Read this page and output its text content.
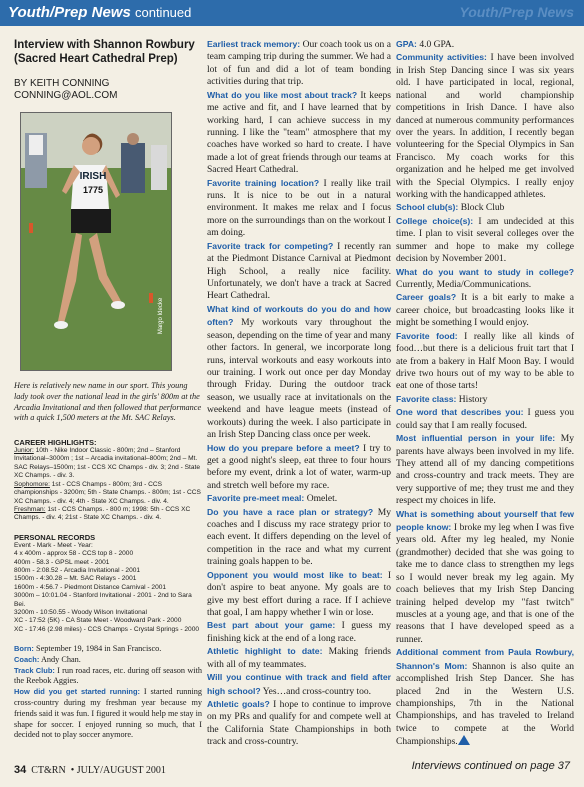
Youth/Prep News continued	Youth/Prep News
Interview with Shannon Rowbury (Sacred Heart Cathedral Prep)
BY KEITH CONNING
CONNING@AOL.COM
IRISH
1775
Margo Idecke
Here is relatively new name in our sport. This young lady took over the national lead in the girls' 800m at the Arcadia Invitational and then followed that performance with a quick 1,500 meters at the Mt. SAC Relays.
CAREER HIGHLIGHTS:

Junior: 10th - Nike Indoor Classic - 800m; 2nd – Stanford Invitational–3000m ; 1st – Arcadia invitational–800m; 2nd – Mt. SAC Relays–1500m; 1st - CCS XC Champs - div. 3; 2nd - State XC Champs. - div. 3.

Sophomore: 1st - CCS Champs - 800m; 3rd - CCS championships - 3200m; 5th - State Champs. - 800m; 1st - CCS XC Champs. - div. 4; 4th - State XC Champs. - div. 4.

Freshman: 1st - CCS Champs. - 800 m; 1998: 5th - CCS XC Champs. - div. 4; 21st - State XC Champs. - div. 4.

PERSONAL RECORDS

Event - Mark - Meet - Year:

4 x 400m - approx 58 - CCS top 8 - 2000

400m - 58.3 - GPSL meet - 2001

800m - 2:08.52 - Arcadia Invitational - 2001

1500m - 4:30.28 – Mt. SAC Relays - 2001

1600m - 4:56.7 - Piedmont Distance Carnival - 2001

3000m – 10:01.04 - Stanford Invitational - 2001 - 2nd to Sara Bei.

3200m - 10:50.55 - Woody Wilson Invitational

XC - 17:52 (5K) - CA State Meet - Woodward Park - 2000

XC - 17:46 (2.98 miles) - CCS Champs - Crystal Springs - 2000

Born: September 19, 1984 in San Francisco.

Coach: Andy Chan.

Track Club: I run road races, etc. during off season with the Reebok Aggies.

How did you get started running: I started running cross-country during my freshman year because my friends said it was fun. I figured it would help me stay in shape for soccer. I enjoyed running so much, that I decided not to play soccer anymore.

Earliest track memory: Our coach took us on a team camping trip during the summer. We had a lot of fun and did a lot of team bonding activities during that trip.

What do you like most about track? It keeps me active and fit, and I have learned that by working hard, I can achieve success in my running. I like the "team" atmosphere that my coaches have worked so hard to create. I have made a lot of great friends through our teams at Sacred Heart Cathedral.

Favorite training location? I really like trail runs. It is nice to be out in a natural environment. It makes me relax and I focus more on the surroundings than on the workout I am doing.

Favorite track for competing? I recently ran at the Piedmont Distance Carnival at Piedmont High School, a really nice facility. Unfortunately, we don't have a track at Sacred Heart Cathedral.

What kind of workouts do you do and how often? My workouts vary throughout the season, depending on the time of year and many other factors. In general, we incorporate long runs, interval workouts and easy workouts into our training. I work out once per day Monday through Friday. During the outdoor track season, we usually race at invitationals on the weekend and have league meets (instead of workouts) during the week. I also participate in an Irish Step Dancing class once per week.

How do you prepare before a meet? I try to get a good night's sleep, eat three to four hours before my event, drink a lot of water, warm-up and stretch well before my race.

Favorite pre-meet meal: Omelet.

Do you have a race plan or strategy? My coaches and I discuss my race strategy prior to each event. It differs depending on the level of competition in the race and what my current training goals happen to be.

Opponent you would most like to beat: I don't aspire to beat anyone. My goals are to give my best effort during a race. If I achieve that goal, I am happy whether I win or lose.

Best part about your game: I guess my finishing kick at the end of a long race.

Athletic highlight to date: Making friends with all of my teammates.

Will you continue with track and field after high school? Yes…and cross-country too.

Athletic goals? I hope to continue to improve on my PRs and qualify for and compete well at the California State Championships in both track and cross-country.

GPA: 4.0 GPA.

Community activities: I have been involved in Irish Step Dancing since I was six years old. I have participated in local, regional, national and world championship competitions in Irish Dance. I have also danced at numerous community performances over the years. In addition, I recently began volunteering for the Special Olympics in San Francisco. My coach works for this organization and he helped me get involved with the Special Olympics. I really enjoy working with the handicapped athletes.

School club(s): Block Club

College choice(s): I am undecided at this time. I plan to visit several colleges over the summer and hope to make my college decision by November 2001.

What do you want to study in college? Currently, Media/Communications.

Career goals? It is a bit early to make a career choice, but broadcasting looks like it might be something I would enjoy.

Favorite food: I really like all kinds of food…but there is a delicious fruit tart that I ate from a bakery in Half Moon Bay. I would drive two hours out of my way to be able to eat one of those tarts!

Favorite class: History

One word that describes you: I guess you could say that I am really focused.

Most influential person in your life: My parents have always been involved in my life. They attend all of my dancing competitions and cross-country and track meets. They are very supportive of me; they trust me and they respect my choices in life.

What is something about yourself that few people know: I broke my leg when I was five years old. After my leg healed, my Nonie (grandmother) decided that she was going to take me to dance class to strengthen my legs so I would never break my leg again. My coach believes that my Irish Step Dancing training helped develop my "fast twitch" muscles at a young age, and that is one of the reasons that I have developed speed as a runner.

Additional comment from Paula Rowbury, Shannon's Mom: Shannon is also quite an accomplished Irish Step Dancer. She has placed 2nd in the Western U.S. championships, 7th in the National Championships, and has traveled to Ireland twice to compete at the World Championships.

34 CT&RN  • JULY/AUGUST 2001	Interviews continued on page 37
